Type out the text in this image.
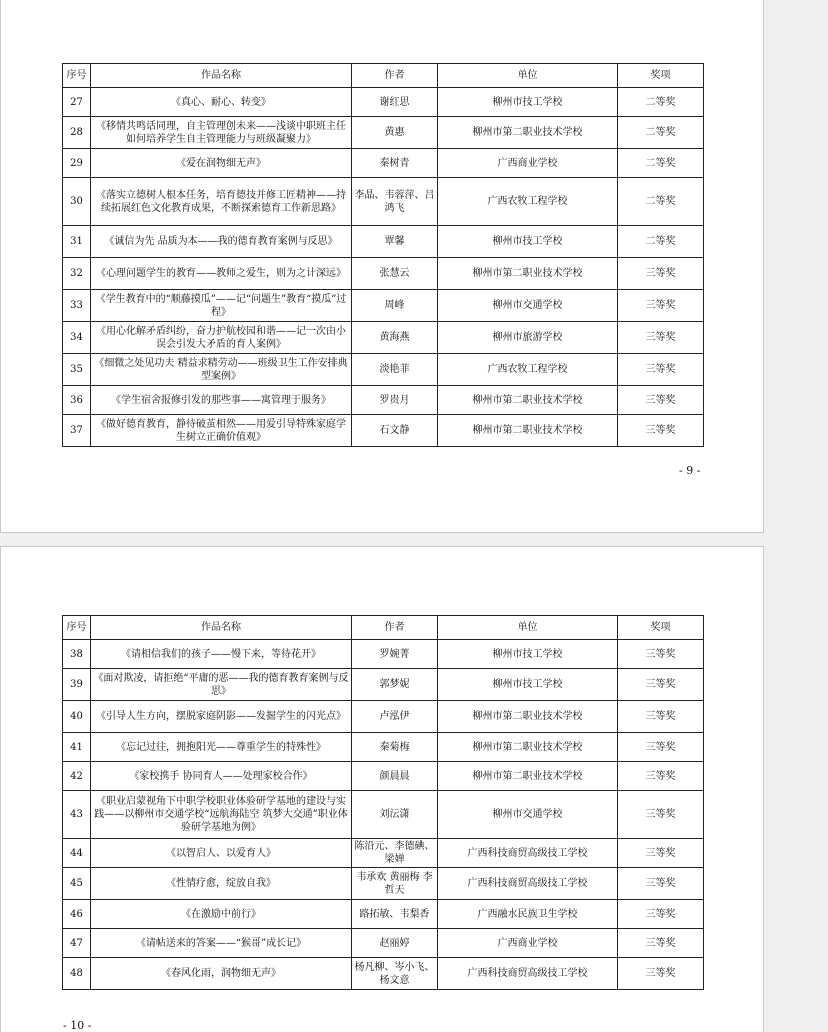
序号	作品名称	作者	单位	奖项
27	《真心、耐心、转变》	谢红思	柳州市技工学校	二等奖
28	《移情共鸣话同理，自主管理创未来——浅谈中职班主任如何培养学生自主管理能力与班级凝聚力》	黄惠	柳州市第二职业技术学校	二等奖
29	《爱在润物细无声》	秦树青	广西商业学校	二等奖
30	《落实立德树人根本任务，培育德技并修工匠精神——持续拓展红色文化教育成果，不断探索德育工作新思路》	李晶、韦蓉萍、吕鸿飞	广西农牧工程学校	二等奖
31	《诚信为先 品质为本——我的德育教育案例与反思》	覃馨	柳州市技工学校	二等奖
32	《心理问题学生的教育——教师之爱生，则为之计深远》	张慧云	柳州市第二职业技术学校	三等奖
33	《学生教育中的“顺藤摸瓜”——记“问题生”教育“摸瓜”过程》	周峰	柳州市交通学校	三等奖
34	《用心化解矛盾纠纷，奋力护航校园和谐——记一次由小误会引发大矛盾的育人案例》	黄海燕	柳州市旅游学校	三等奖
35	《细微之处见功夫 精益求精劳动——班级卫生工作安排典型案例》	淡艳菲	广西农牧工程学校	三等奖
36	《学生宿舍报修引发的那些事——寓管理于服务》	罗贵月	柳州市第二职业技术学校	三等奖
37	《做好德育教育，静待破茧相然——用爱引导特殊家庭学生树立正确价值观》	石文静	柳州市第二职业技术学校	三等奖
- 9 -
序号	作品名称	作者	单位	奖项
38	《请相信我们的孩子——慢下来，等待花开》	罗婉菁	柳州市技工学校	三等奖
39	《面对欺凌，请拒绝“平庸的恶——我的德育教育案例与反思》	郭梦妮	柳州市技工学校	三等奖
40	《引导人生方向，摆脱家庭阴影——发掘学生的闪光点》	卢泓伊	柳州市第二职业技术学校	三等奖
41	《忘记过往，拥抱阳光——尊重学生的特殊性》	秦菊梅	柳州市第二职业技术学校	三等奖
42	《家校携手 协同育人——处理家校合作》	颜晨晨	柳州市第二职业技术学校	三等奖
43	《职业启蒙视角下中职学校职业体验研学基地的建设与实践——以柳州市交通学校“远航海陆空 筑梦大交通”职业体验研学基地为例》	刘沄潇	柳州市交通学校	三等奖
44	《以智启人、以爱育人》	陈沿元、李德碘、梁婵	广西科技商贸高级技工学校	三等奖
45	《性情疗愈，绽放自我》	韦承欢 黄丽梅 李哲天	广西科技商贸高级技工学校	三等奖
46	《在激励中前行》	路拓敏、韦梨香	广西融水民族卫生学校	三等奖
47	《请帖送来的答案——“猴哥”成长记》	赵丽婷	广西商业学校	三等奖
48	《春风化雨，润物细无声》	杨凡柳、岑小飞、杨文意	广西科技商贸高级技工学校	三等奖
- 10 -
